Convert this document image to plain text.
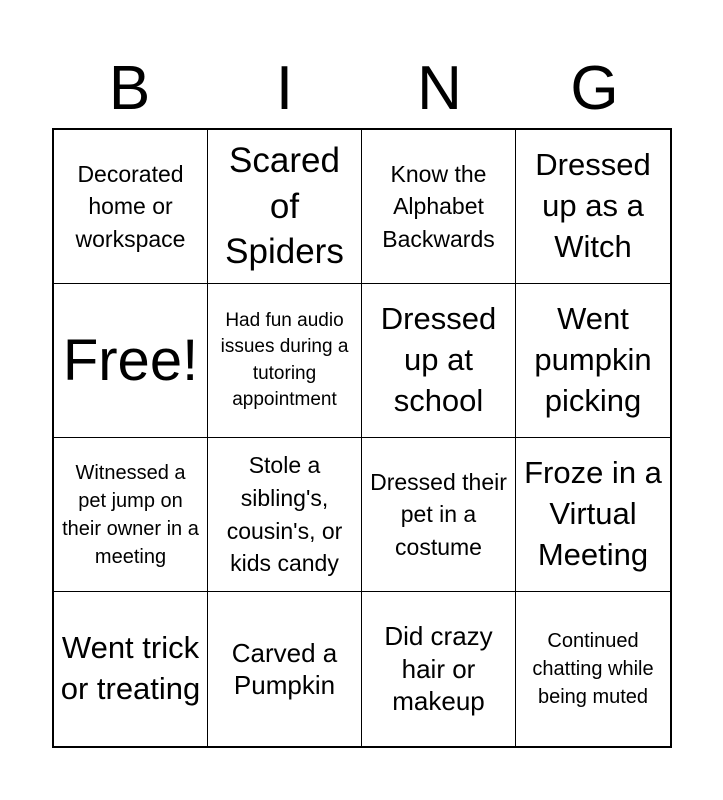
B	I	N	G
Decorated home or workspace
Scared of Spiders
Know the Alphabet Backwards
Dressed up as a Witch
Free!
Had fun audio issues during a tutoring appointment
Dressed up at school
Went pumpkin picking
Witnessed a pet jump on their owner in a meeting
Stole a sibling's, cousin's, or kids candy
Dressed their pet in a costume
Froze in a Virtual Meeting
Went trick or treating
Carved a Pumpkin
Did crazy hair or makeup
Continued chatting while being muted
